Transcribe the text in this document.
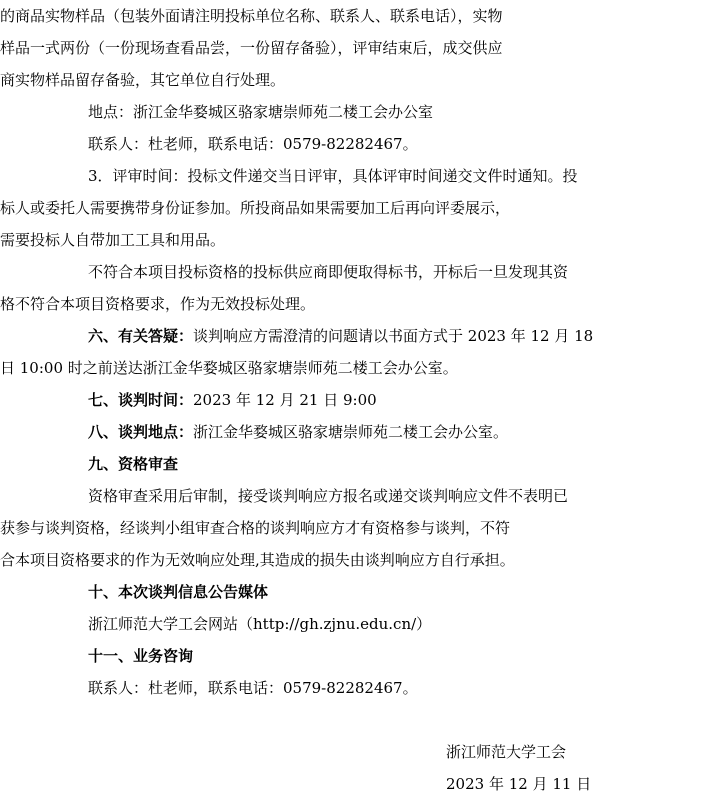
的商品实物样品（包装外面请注明投标单位名称、联系人、联系电话），实物
样品一式两份（一份现场查看品尝，一份留存备验），评审结束后，成交供应
商实物样品留存备验，其它单位自行处理。
地点：浙江金华婺城区骆家塘崇师苑二楼工会办公室
联系人：杜老师，联系电话：0579-82282467。
3．评审时间：投标文件递交当日评审，具体评审时间递交文件时通知。投
标人或委托人需要携带身份证参加。所投商品如果需要加工后再向评委展示，
需要投标人自带加工工具和用品。
不符合本项目投标资格的投标供应商即便取得标书，开标后一旦发现其资
格不符合本项目资格要求，作为无效投标处理。
六、有关答疑：谈判响应方需澄清的问题请以书面方式于 2023 年 12 月 18
日 10:00 时之前送达浙江金华婺城区骆家塘崇师苑二楼工会办公室。
七、谈判时间：2023 年 12 月 21 日 9:00
八、谈判地点：浙江金华婺城区骆家塘崇师苑二楼工会办公室。
九、资格审查
资格审查采用后审制，接受谈判响应方报名或递交谈判响应文件不表明已
获参与谈判资格，经谈判小组审查合格的谈判响应方才有资格参与谈判，不符
合本项目资格要求的作为无效响应处理,其造成的损失由谈判响应方自行承担。
十、本次谈判信息公告媒体
浙江师范大学工会网站（http://gh.zjnu.edu.cn/）
十一、业务咨询
联系人：杜老师，联系电话：0579-82282467。
浙江师范大学工会
2023 年 12 月 11 日
